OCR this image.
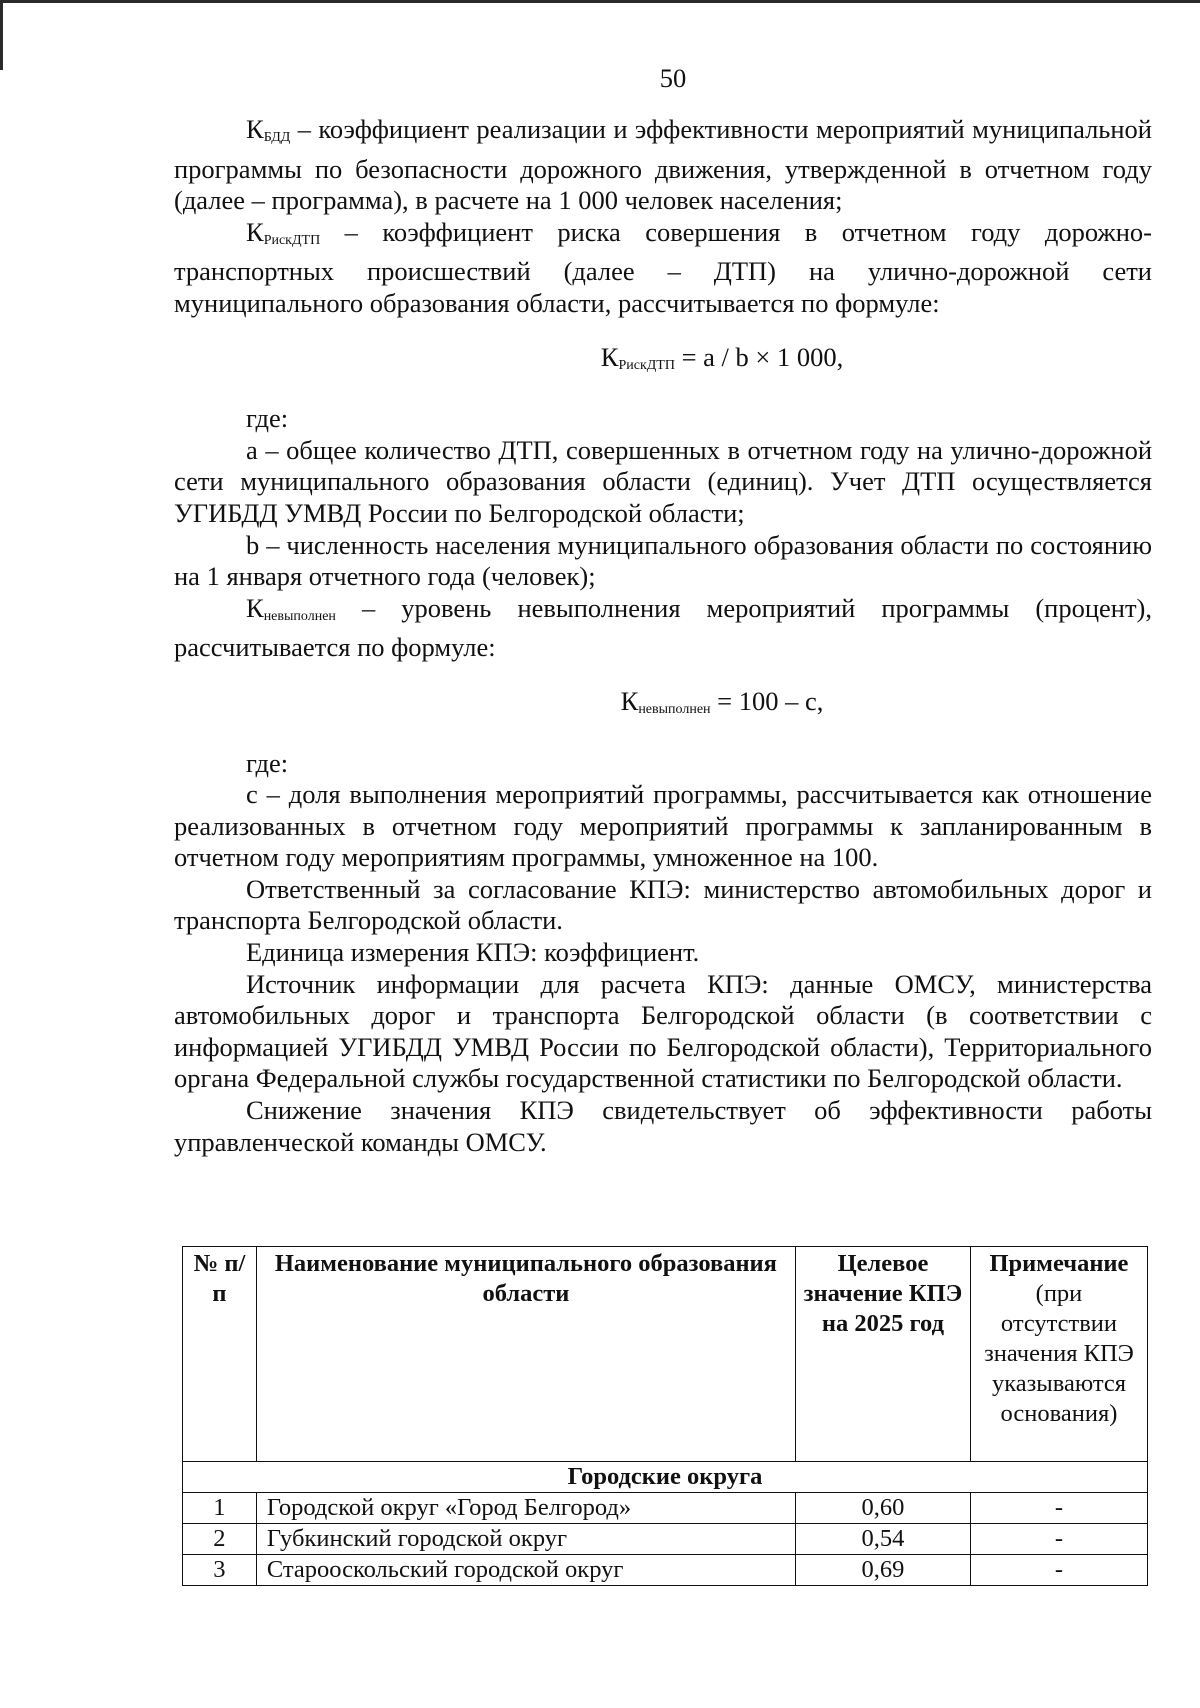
50

$К_{БДД}$ – коэффициент реализации и эффективности мероприятий муниципальной программы по безопасности дорожного движения, утвержденной в отчетном году (далее – программа), в расчете на 1 000 человек населения;

$К_{РискДТП}$ – коэффициент риска совершения в отчетном году дорожно-транспортных происшествий (далее – ДТП) на улично-дорожной сети муниципального образования области, рассчитывается по формуле:

$К_{РискДТП} = a / b \times 1$ 000,

где:

a – общее количество ДТП, совершенных в отчетном году на улично-дорожной сети муниципального образования области (единиц). Учет ДТП осуществляется УГИБДД УМВД России по Белгородской области;

b – численность населения муниципального образования области по состоянию на 1 января отчетного года (человек);

$К_{невыполнен}$ – уровень невыполнения мероприятий программы (процент), рассчитывается по формуле:

$К_{невыполнен} = 100 - c$,

где:

c – доля выполнения мероприятий программы, рассчитывается как отношение реализованных в отчетном году мероприятий программы к запланированным в отчетном году мероприятиям программы, умноженное на 100.

Ответственный за согласование КПЭ: министерство автомобильных дорог и транспорта Белгородской области.

Единица измерения КПЭ: коэффициент.

Источник информации для расчета КПЭ: данные ОМСУ, министерства автомобильных дорог и транспорта Белгородской области (в соответствии с информацией УГИБДД УМВД России по Белгородской области), Территориального органа Федеральной службы государственной статистики по Белгородской области.

Снижение значения КПЭ свидетельствует об эффективности работы управленческой команды ОМСУ.

№ п/п	Наименование муниципального образования области	Целевое значение КПЭ на 2025 год	Примечание
(при отсутствии значения КПЭ указываются основания)

Городские округа			
1	Городской округ «Город Белгород»	0,60	-
2	Губкинский городской округ	0,54	-
3	Старооскольский городской округ	0,69	-
